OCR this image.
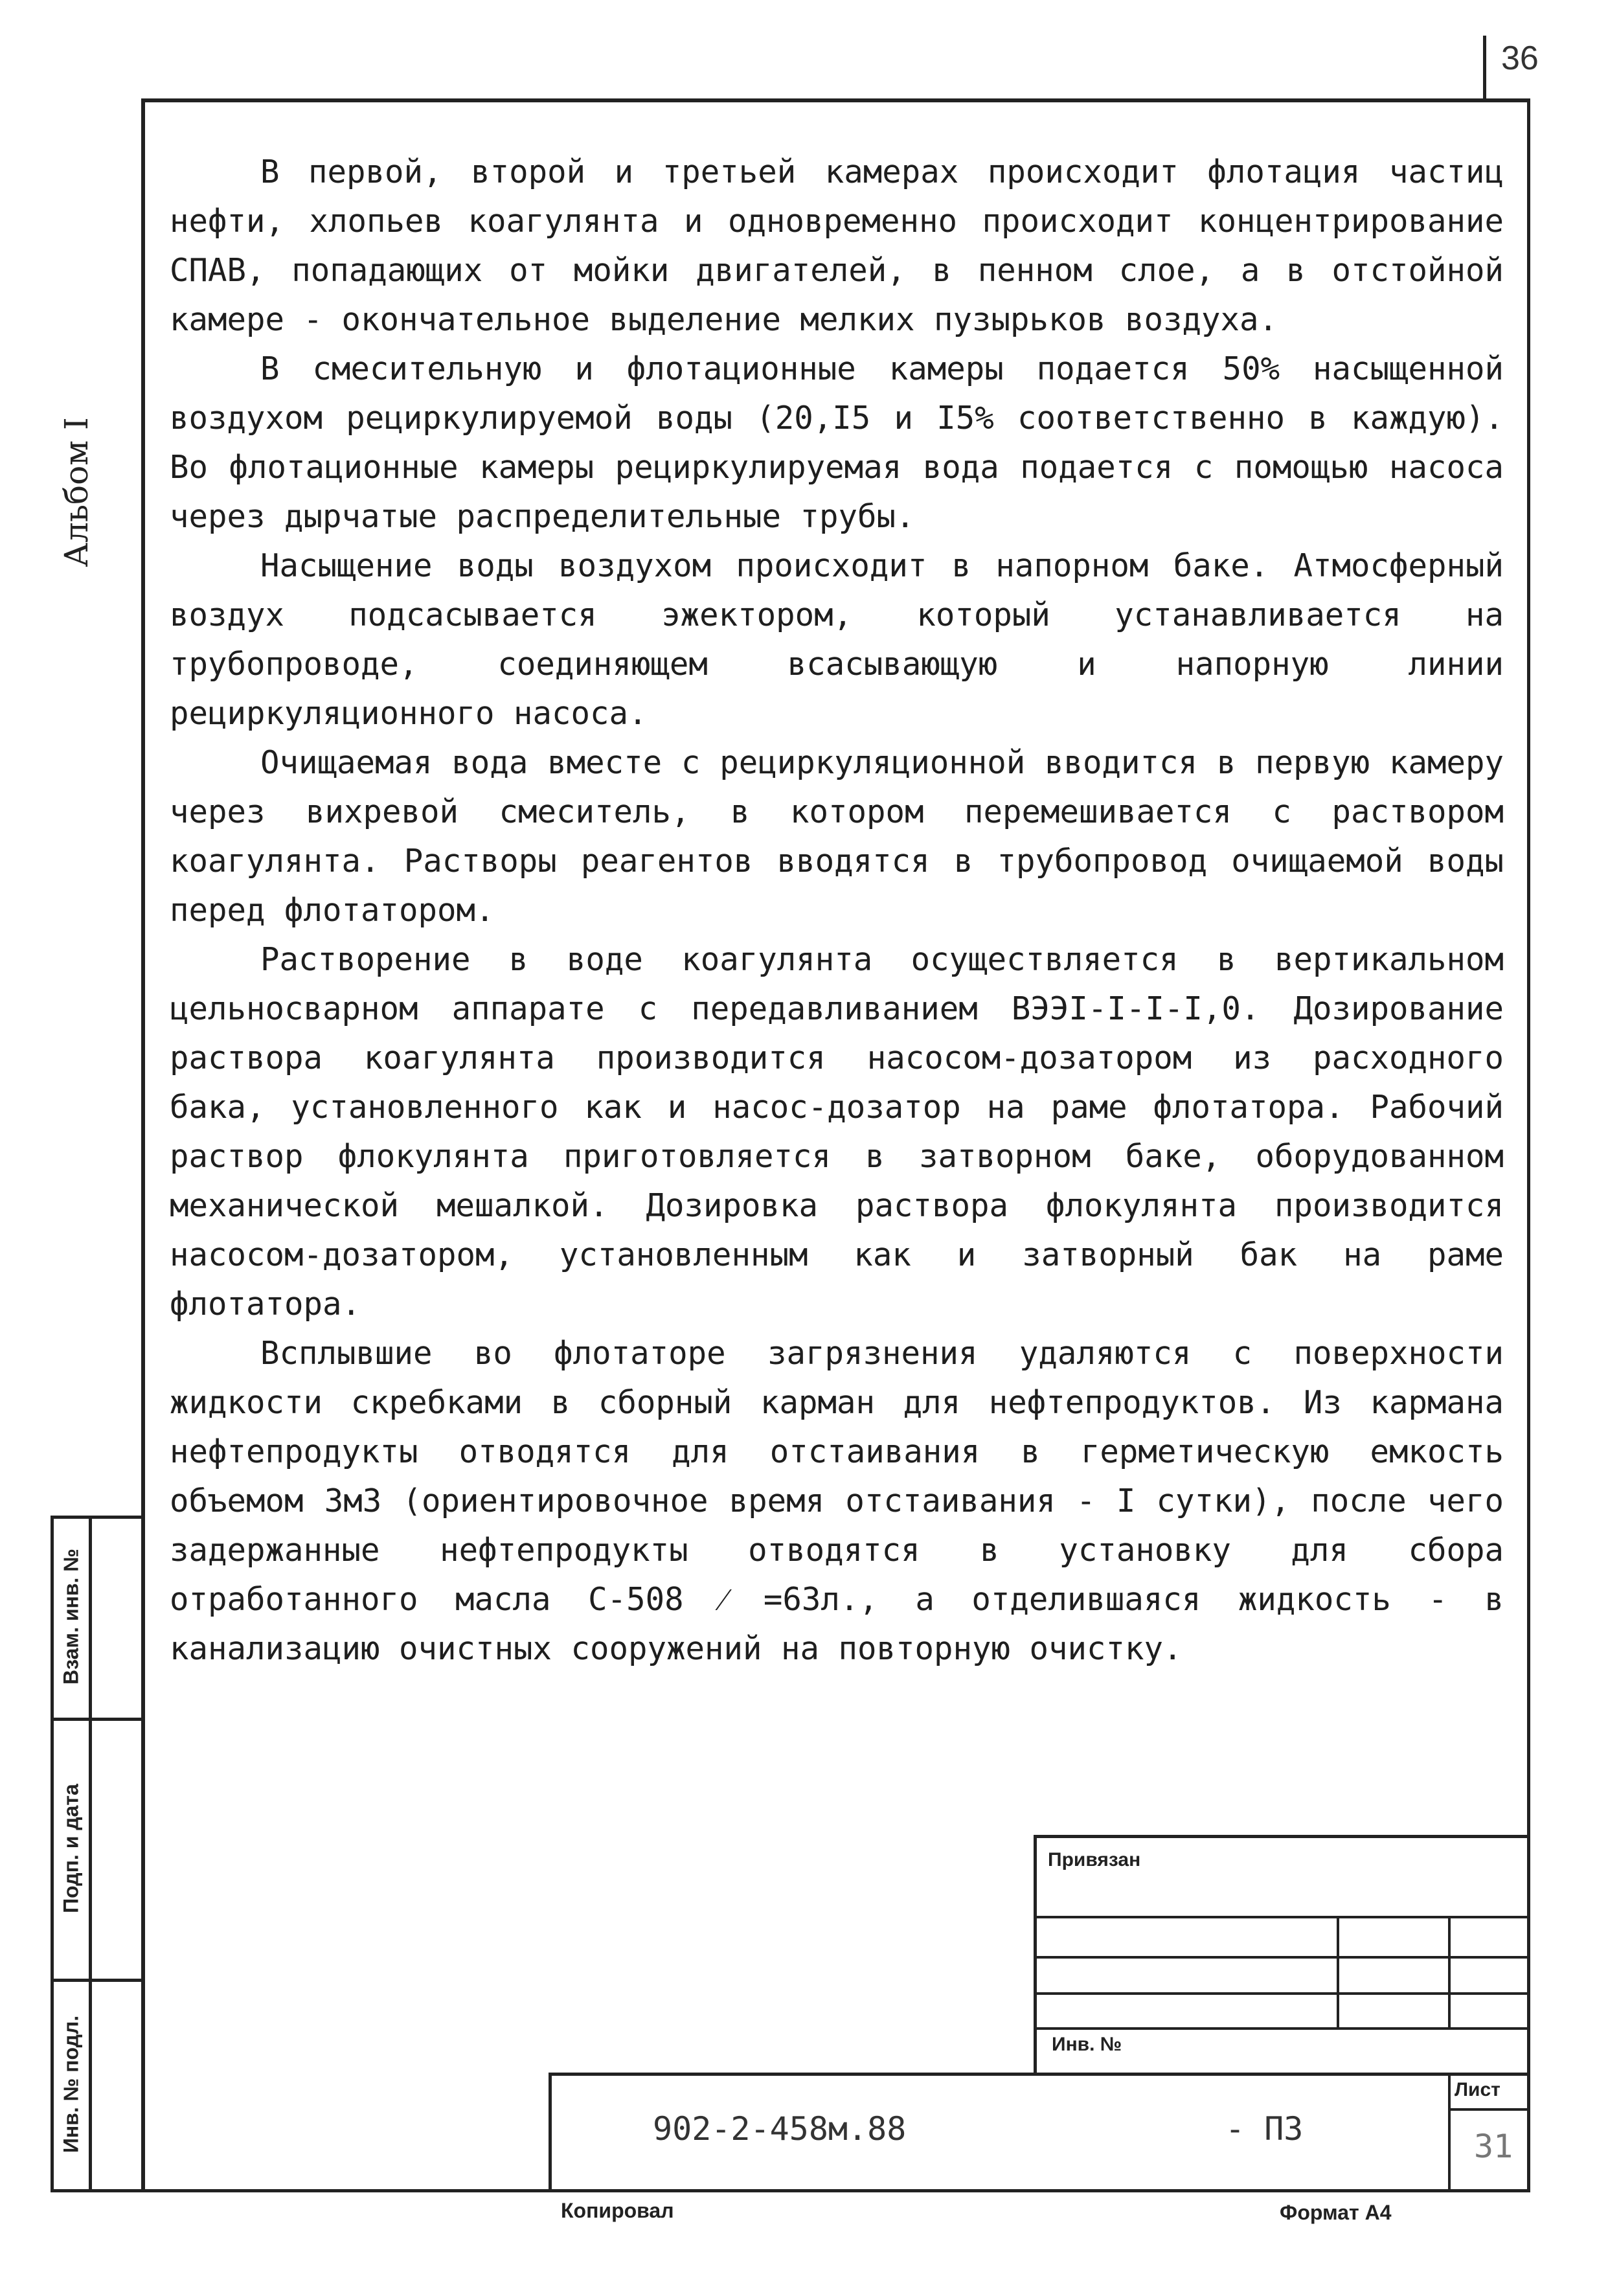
36
Альбом I

В первой, второй и третьей камерах происходит флотация частиц нефти, хлопьев коагулянта и одновременно происходит концентрирование СПАВ, попадающих от мойки двигателей, в пенном слое, а в отстойной камере - окончательное выделение мелких пузырьков воздуха.

В смесительную и флотационные камеры подается 50% насыщенной воздухом рециркулируемой воды (20,I5 и I5% соответственно в каждую). Во флотационные камеры рециркулируемая вода подается с помощью насоса через дырчатые распределительные трубы.

Насыщение воды воздухом происходит в напорном баке. Атмосферный воздух подсасывается эжектором, который устанавливается на трубопроводе, соединяющем всасывающую и напорную линии рециркуляционного насоса.

Очищаемая вода вместе с рециркуляционной вводится в первую камеру через вихревой смеситель, в котором перемешивается с раствором коагулянта. Растворы реагентов вводятся в трубопровод очищаемой воды перед флотатором.

Растворение в воде коагулянта осуществляется в вертикальном цельносварном аппарате с передавливанием ВЭЭI-I-I-I,0. Дозирование раствора коагулянта производится насосом-дозатором из расходного бака, установленного как и насос-дозатор на раме флотатора. Рабочий раствор флокулянта приготовляется в затворном баке, оборудованном механической мешалкой. Дозировка раствора флокулянта производится насосом-дозатором, установленным как и затворный бак на раме флотатора.

Всплывшие во флотаторе загрязнения удаляются с поверхности жидкости скребками в сборный карман для нефтепродуктов. Из кармана нефтепродукты отводятся для отстаивания в герметическую емкость объемом 3м3 (ориентировочное время отстаивания - I сутки), после чего задержанные нефтепродукты отводятся в установку для сбора отработанного масла С-508 ⁄ =63л., а отделившаяся жидкость - в канализацию очистных сооружений на повторную очистку.

Взам. инв. №
Подп. и дата
Инв. № подл.
Привязан
Инв. №
Лист
31
902-2-458м.88	- ПЗ
Копировал	Формат А4
